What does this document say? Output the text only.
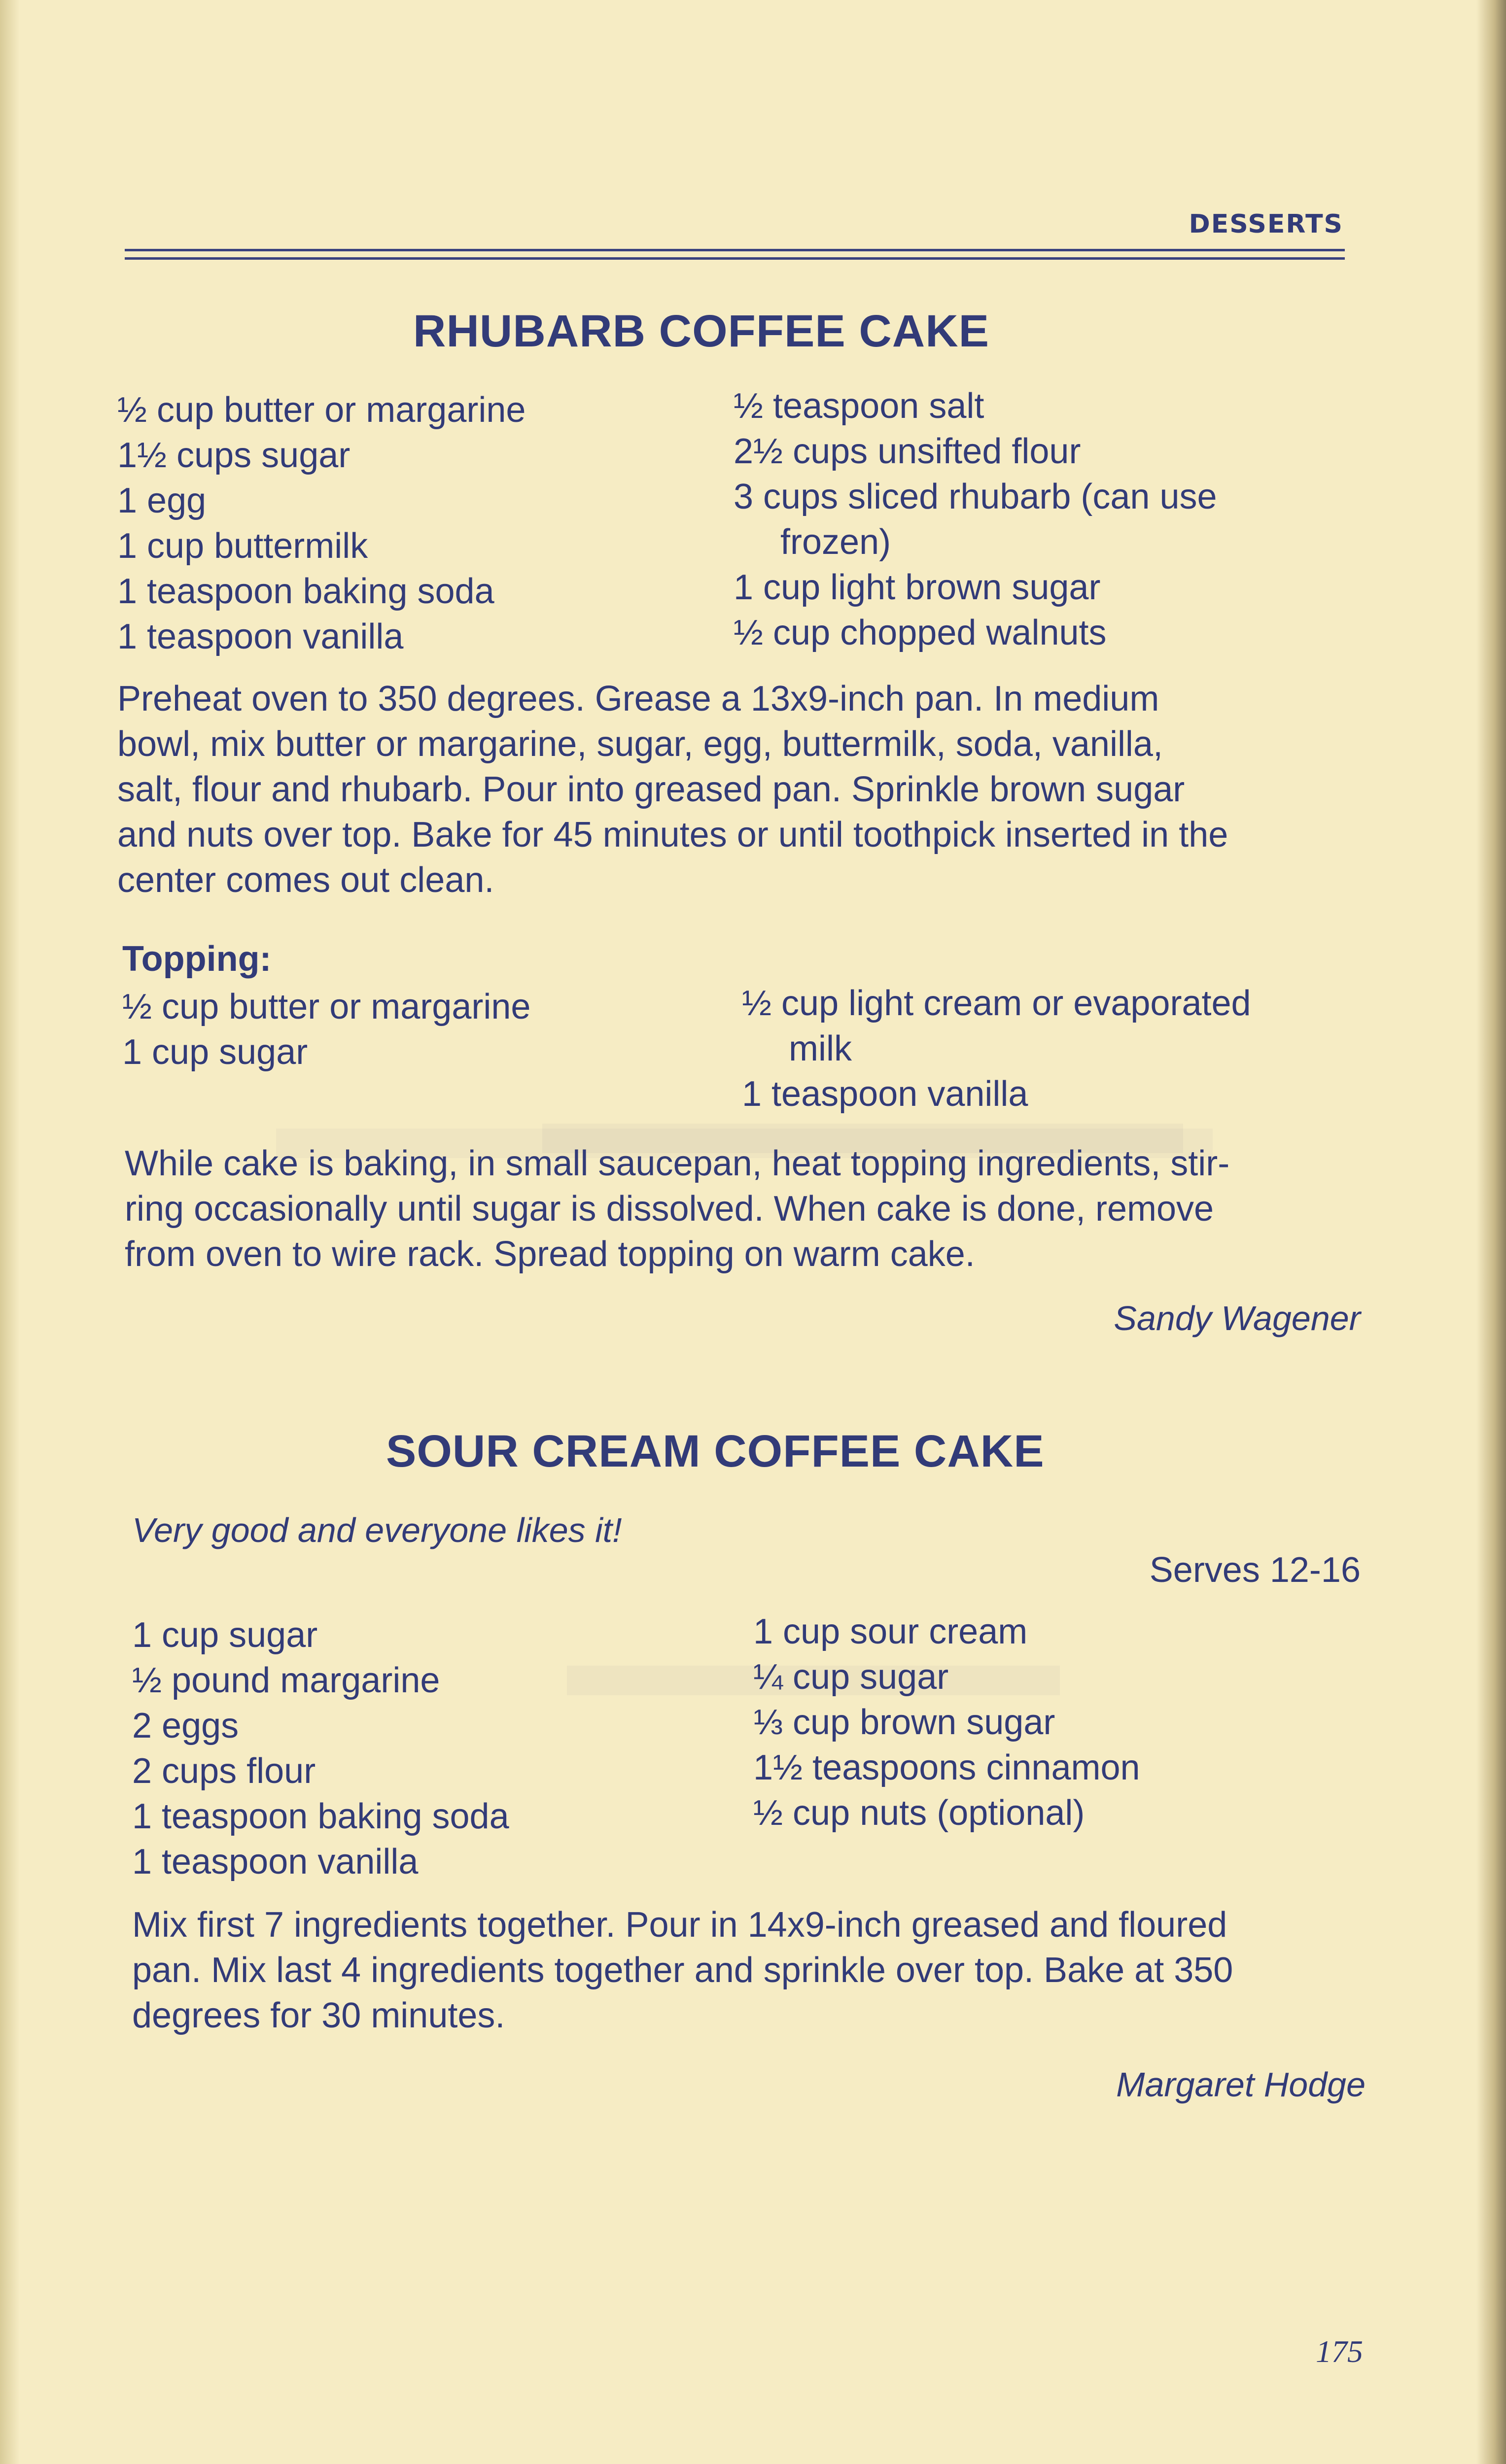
DESSERTS
RHUBARB COFFEE CAKE
½ cup butter or margarine
1½ cups sugar
1 egg
1 cup buttermilk
1 teaspoon baking soda
1 teaspoon vanilla
½ teaspoon salt
2½ cups unsifted flour
3 cups sliced rhubarb (can use
frozen)
1 cup light brown sugar
½ cup chopped walnuts
Preheat oven to 350 degrees. Grease a 13x9-inch pan. In medium
bowl, mix butter or margarine, sugar, egg, buttermilk, soda, vanilla,
salt, flour and rhubarb. Pour into greased pan. Sprinkle brown sugar
and nuts over top. Bake for 45 minutes or until toothpick inserted in the
center comes out clean.
Topping:
½ cup butter or margarine
1 cup sugar
½ cup light cream or evaporated
milk
1 teaspoon vanilla
While cake is baking, in small saucepan, heat topping ingredients, stir-
ring occasionally until sugar is dissolved. When cake is done, remove
from oven to wire rack. Spread topping on warm cake.
Sandy Wagener
SOUR CREAM COFFEE CAKE
Very good and everyone likes it!
Serves 12-16
1 cup sugar
½ pound margarine
2 eggs
2 cups flour
1 teaspoon baking soda
1 teaspoon vanilla
1 cup sour cream
¼ cup sugar
⅓ cup brown sugar
1½ teaspoons cinnamon
½ cup nuts (optional)
Mix first 7 ingredients together. Pour in 14x9-inch greased and floured
pan. Mix last 4 ingredients together and sprinkle over top. Bake at 350
degrees for 30 minutes.
Margaret Hodge
175
